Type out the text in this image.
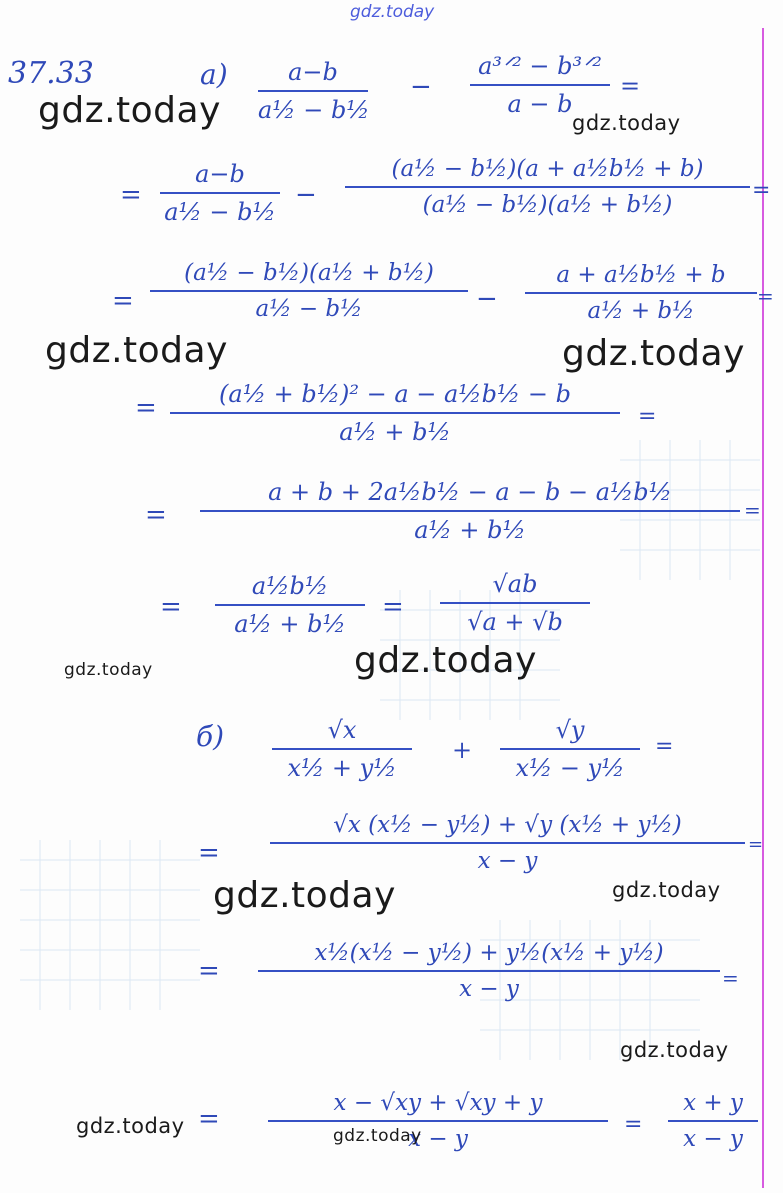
gdz.today
37.33	а)	a−b
a½ − b½
−
a³ᐟ² − b³ᐟ²
a − b
=
=
a−b
a½ − b½
−
(a½ − b½)(a + a½b½ + b)
(a½ − b½)(a½ + b½)
=
=
(a½ − b½)(a½ + b½)
a½ − b½	−
a + a½b½ + b
a½ + b½
=
=	(a½ + b½)² − a − a½b½ − b
a½ + b½
=
=
a + b + 2a½b½ − a − b − a½b½
a½ + b½
=
=
a½b½
a½ + b½
=
√ab
√a + √b
б)	√x
x½ + y½
+
√y
x½ − y½
=
=
√x (x½ − y½) + √y (x½ + y½)
x − y
=
=
x½(x½ − y½) + y½(x½ + y½)
x − y	=
=
x − √xy + √xy + y
x − y
=
x + y
x − y
gdz.today	gdz.today
gdz.today	gdz.today
gdz.today	gdz.today
gdz.today	gdz.today
gdz.today
gdz.today	gdz.today
